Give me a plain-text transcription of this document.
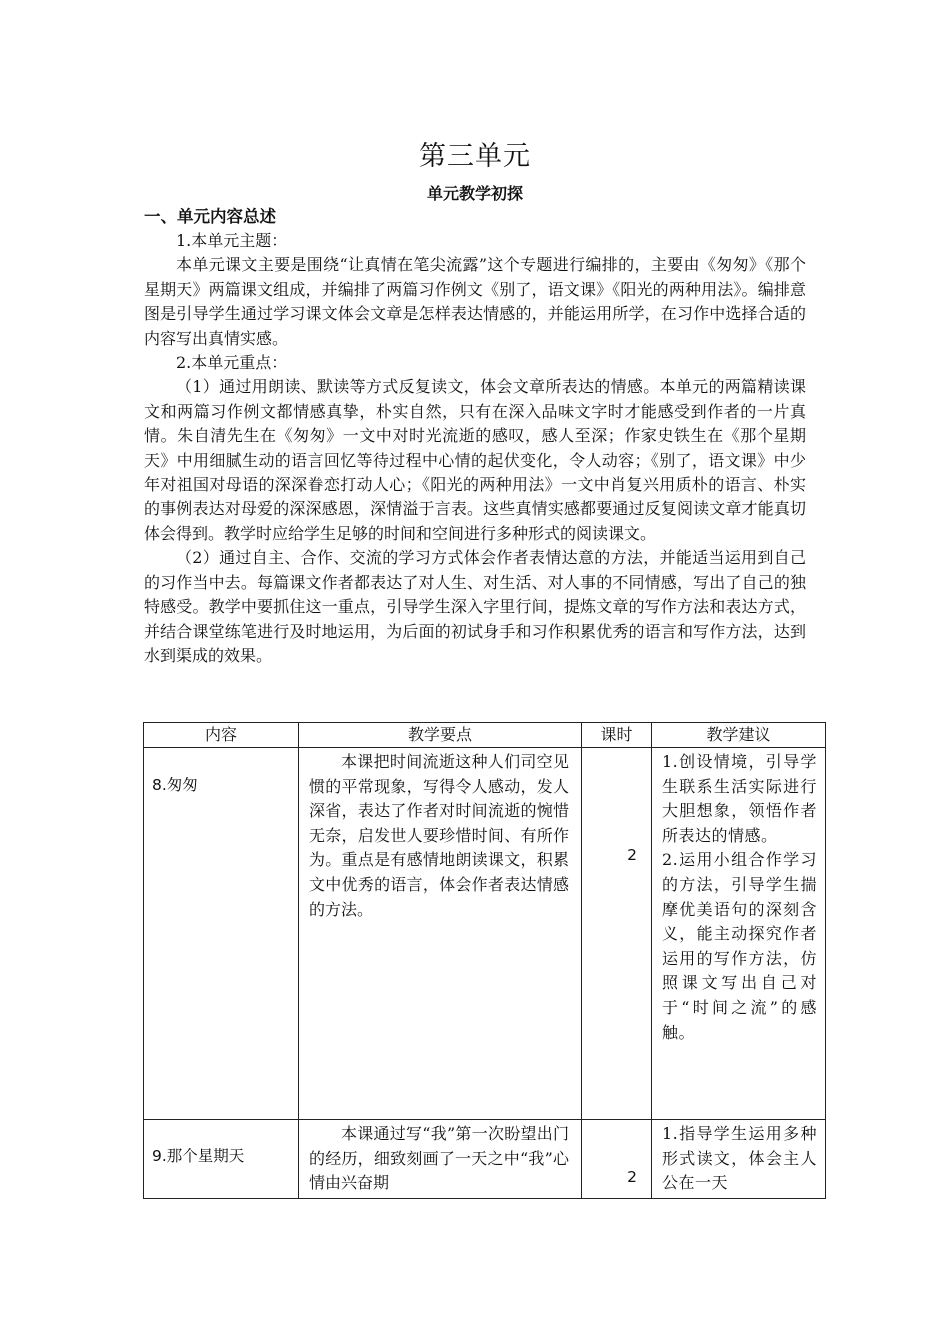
第三单元
单元教学初探
一、单元内容总述

1.本单元主题：

本单元课文主要是围绕“让真情在笔尖流露”这个专题进行编排的，主要由《匆匆》《那个星期天》两篇课文组成，并编排了两篇习作例文《别了，语文课》《阳光的两种用法》。编排意图是引导学生通过学习课文体会文章是怎样表达情感的，并能运用所学，在习作中选择合适的内容写出真情实感。

2.本单元重点：

（1）通过用朗读、默读等方式反复读文，体会文章所表达的情感。本单元的两篇精读课文和两篇习作例文都情感真挚，朴实自然，只有在深入品味文字时才能感受到作者的一片真情。朱自清先生在《匆匆》一文中对时光流逝的感叹，感人至深；作家史铁生在《那个星期天》中用细腻生动的语言回忆等待过程中心情的起伏变化，令人动容；《别了，语文课》中少年对祖国对母语的深深眷恋打动人心；《阳光的两种用法》一文中肖复兴用质朴的语言、朴实的事例表达对母爱的深深感恩，深情溢于言表。这些真情实感都要通过反复阅读文章才能真切体会得到。教学时应给学生足够的时间和空间进行多种形式的阅读课文。

（2）通过自主、合作、交流的学习方式体会作者表情达意的方法，并能适当运用到自己的习作当中去。每篇课文作者都表达了对人生、对生活、对人事的不同情感，写出了自己的独特感受。教学中要抓住这一重点，引导学生深入字里行间，提炼文章的写作方法和表达方式，并结合课堂练笔进行及时地运用，为后面的初试身手和习作积累优秀的语言和写作方法，达到水到渠成的效果。

内容	教学要点	课时	教学建议
8.匆匆	本课把时间流逝这种人们司空见惯的平常现象，写得令人感动，发人深省，表达了作者对时间流逝的惋惜无奈，启发世人要珍惜时间、有所作为。重点是有感情地朗读课文，积累文中优秀的语言，体会作者表达情感的方法。	2	1.创设情境，引导学生联系生活实际进行大胆想象，领悟作者所表达的情感。
2.运用小组合作学习的方法，引导学生揣摩优美语句的深刻含义，能主动探究作者运用的写作方法，仿照课文写出自己对于“时间之流”的感触。

9.那个星期天	本课通过写“我”第一次盼望出门的经历，细致刻画了一天之中“我”心情由兴奋期	2	1.指导学生运用多种形式读文，体会主人公在一天
